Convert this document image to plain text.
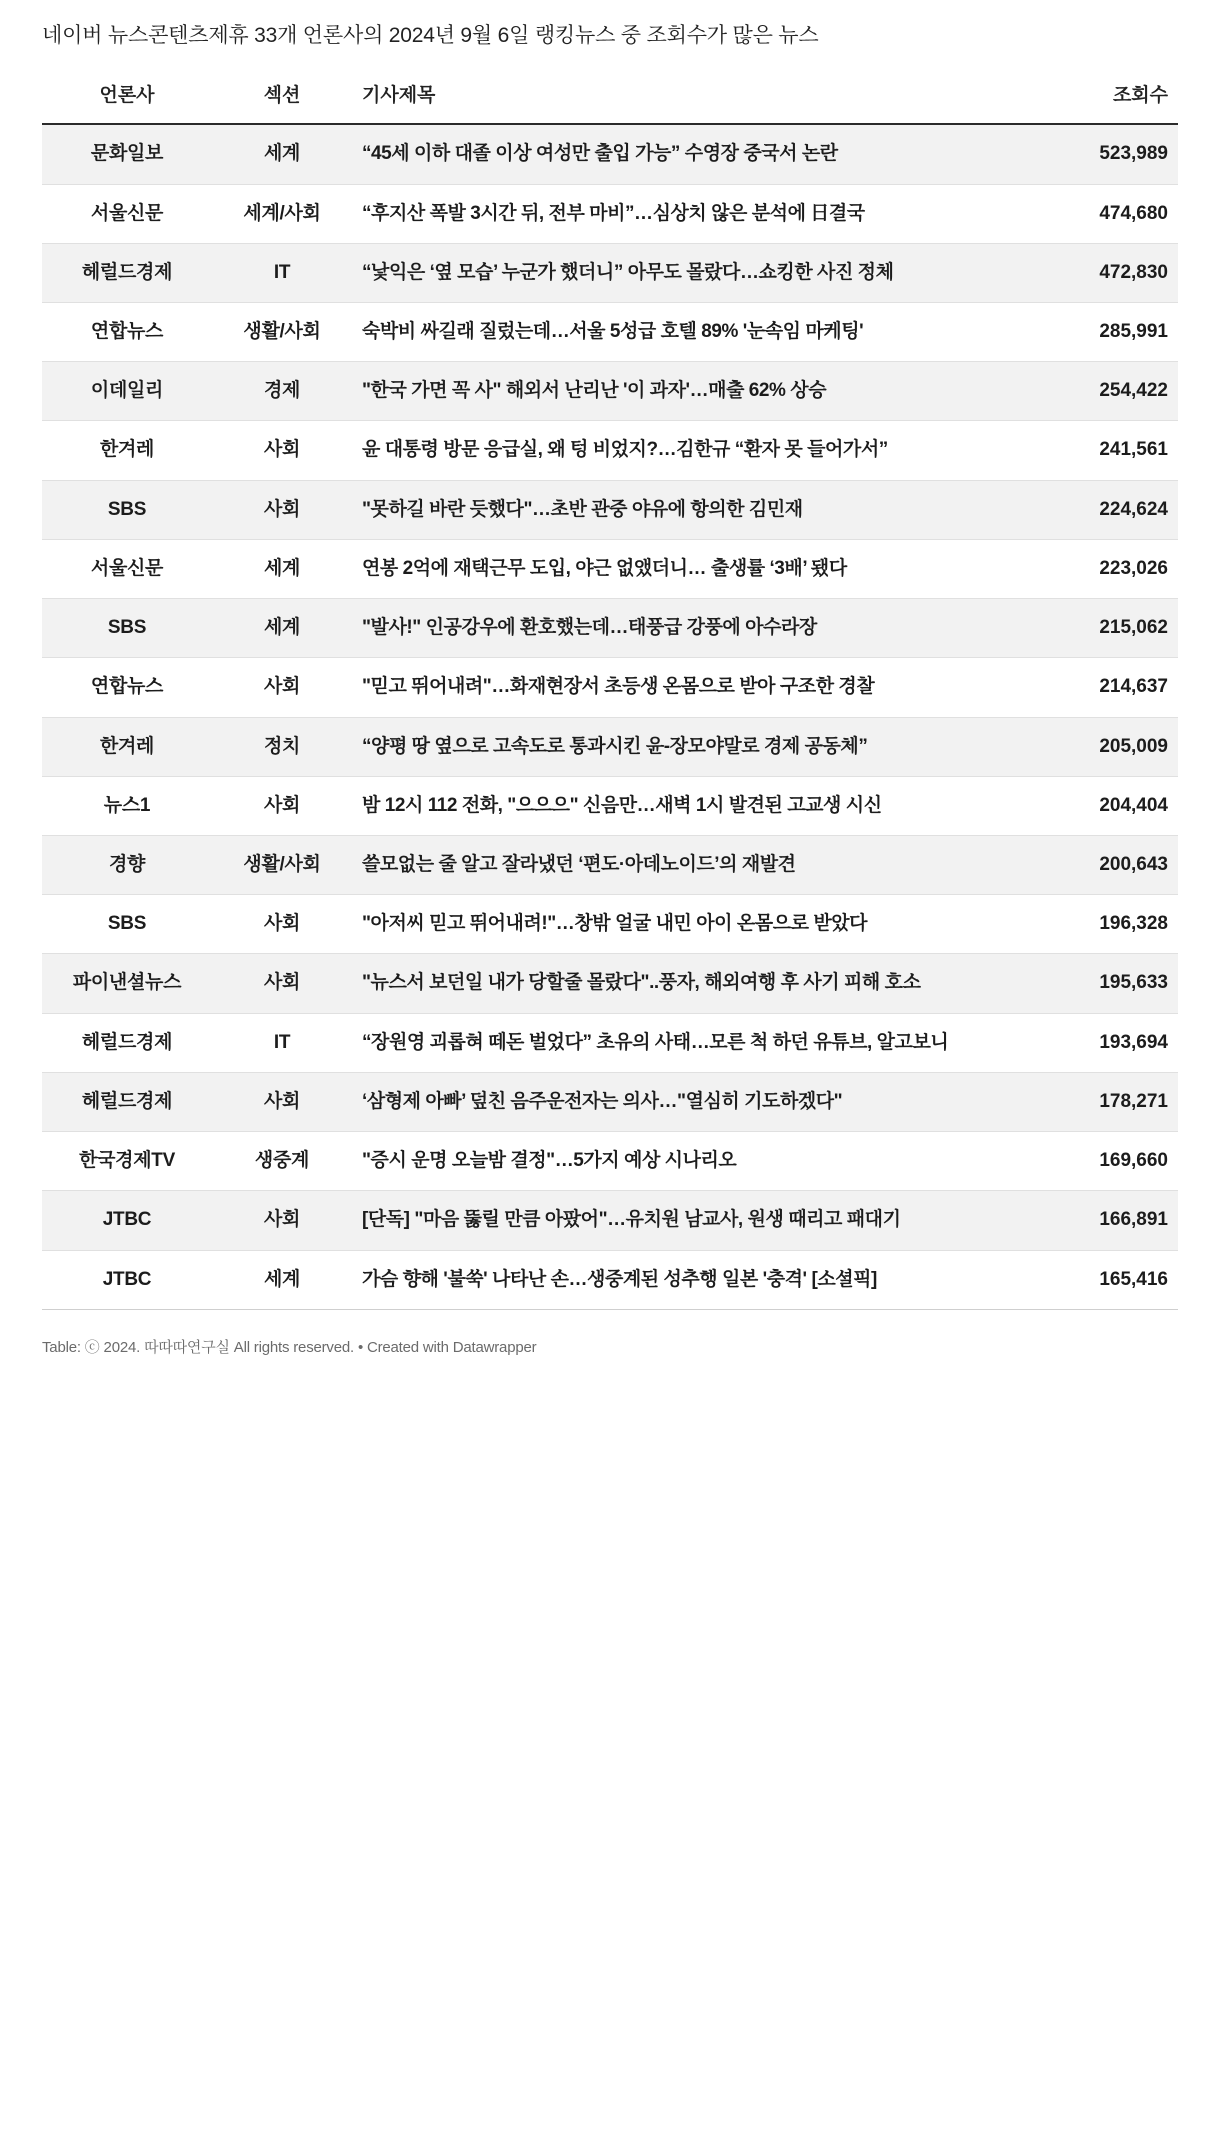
네이버 뉴스콘텐츠제휴 33개 언론사의 2024년 9월 6일 랭킹뉴스 중 조회수가 많은 뉴스
언론사	섹션	기사제목	조회수
문화일보	세계	“45세 이하 대졸 이상 여성만 출입 가능” 수영장 중국서 논란	523,989
서울신문	세계/사회	“후지산 폭발 3시간 뒤, 전부 마비”…심상치 않은 분석에 日결국	474,680
헤럴드경제	IT	“낯익은 ‘옆 모습’ 누군가 했더니” 아무도 몰랐다…쇼킹한 사진 정체	472,830
연합뉴스	생활/사회	숙박비 싸길래 질렀는데…서울 5성급 호텔 89% '눈속임 마케팅'	285,991
이데일리	경제	"한국 가면 꼭 사" 해외서 난리난 '이 과자'…매출 62% 상승	254,422
한겨레	사회	윤 대통령 방문 응급실, 왜 텅 비었지?…김한규 “환자 못 들어가서”	241,561
SBS	사회	"못하길 바란 듯했다"…초반 관중 야유에 항의한 김민재	224,624
서울신문	세계	연봉 2억에 재택근무 도입, 야근 없앴더니… 출생률 ‘3배’ 됐다	223,026
SBS	세계	"발사!" 인공강우에 환호했는데…태풍급 강풍에 아수라장	215,062
연합뉴스	사회	"믿고 뛰어내려"…화재현장서 초등생 온몸으로 받아 구조한 경찰	214,637
한겨레	정치	“양평 땅 옆으로 고속도로 통과시킨 윤-장모야말로 경제 공동체”	205,009
뉴스1	사회	밤 12시 112 전화, "으으으" 신음만…새벽 1시 발견된 고교생 시신	204,404
경향	생활/사회	쓸모없는 줄 알고 잘라냈던 ‘편도·아데노이드’의 재발견	200,643
SBS	사회	"아저씨 믿고 뛰어내려!"…창밖 얼굴 내민 아이 온몸으로 받았다	196,328
파이낸셜뉴스	사회	"뉴스서 보던일 내가 당할줄 몰랐다"..풍자, 해외여행 후 사기 피해 호소	195,633
헤럴드경제	IT	“장원영 괴롭혀 떼돈 벌었다” 초유의 사태…모른 척 하던 유튜브, 알고보니	193,694
헤럴드경제	사회	‘삼형제 아빠’ 덮친 음주운전자는 의사…"열심히 기도하겠다"	178,271
한국경제TV	생중계	"증시 운명 오늘밤 결정"…5가지 예상 시나리오	169,660
JTBC	사회	[단독] "마음 뚫릴 만큼 아팠어"…유치원 남교사, 원생 때리고 패대기	166,891
JTBC	세계	가슴 향해 '불쑥' 나타난 손…생중계된 성추행 일본 '충격' [소셜픽]	165,416
Table: ⓒ 2024. 따따따연구실 All rights reserved. • Created with Datawrapper
